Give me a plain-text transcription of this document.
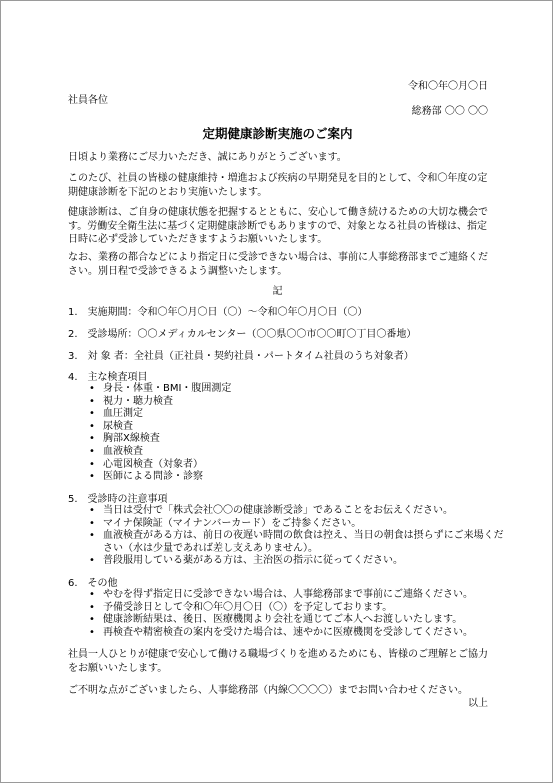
令和〇年〇月〇日
社員各位
総務部 〇〇 〇〇
定期健康診断実施のご案内
日頃より業務にご尽力いただき、誠にありがとうございます。
このたび、社員の皆様の健康維持・増進および疾病の早期発見を目的として、令和〇年度の定期健康診断を下記のとおり実施いたします。
健康診断は、ご自身の健康状態を把握するとともに、安心して働き続けるための大切な機会です。労働安全衛生法に基づく定期健康診断でもありますので、対象となる社員の皆様は、指定日時に必ず受診していただきますようお願いいたします。
なお、業務の都合などにより指定日に受診できない場合は、事前に人事総務部までご連絡ください。別日程で受診できるよう調整いたします。
記
1.　実施期間：令和〇年〇月〇日（〇）～令和〇年〇月〇日（〇）
2.　受診場所：〇〇メディカルセンター（〇〇県〇〇市〇〇町〇丁目〇番地）
3.　対 象 者：全社員（正社員・契約社員・パートタイム社員のうち対象者）
4.　主な検査項目
• 身長・体重・BMI・腹囲測定
• 視力・聴力検査
• 血圧測定
• 尿検査
• 胸部X線検査
• 血液検査
• 心電図検査（対象者）
• 医師による問診・診察
5.　受診時の注意事項
• 当日は受付で「株式会社〇〇の健康診断受診」であることをお伝えください。
• マイナ保険証（マイナンバーカード）をご持参ください。
• 血液検査がある方は、前日の夜遅い時間の飲食は控え、当日の朝食は摂らずにご来場ください（水は少量であれば差し支えありません）。
• 普段服用している薬がある方は、主治医の指示に従ってください。
6.　その他
• やむを得ず指定日に受診できない場合は、人事総務部まで事前にご連絡ください。
• 予備受診日として令和〇年〇月〇日（〇）を予定しております。
• 健康診断結果は、後日、医療機関より会社を通じてご本人へお渡しいたします。
• 再検査や精密検査の案内を受けた場合は、速やかに医療機関を受診してください。
社員一人ひとりが健康で安心して働ける職場づくりを進めるためにも、皆様のご理解とご協力をお願いいたします。
ご不明な点がございましたら、人事総務部（内線〇〇〇〇）までお問い合わせください。
以上
